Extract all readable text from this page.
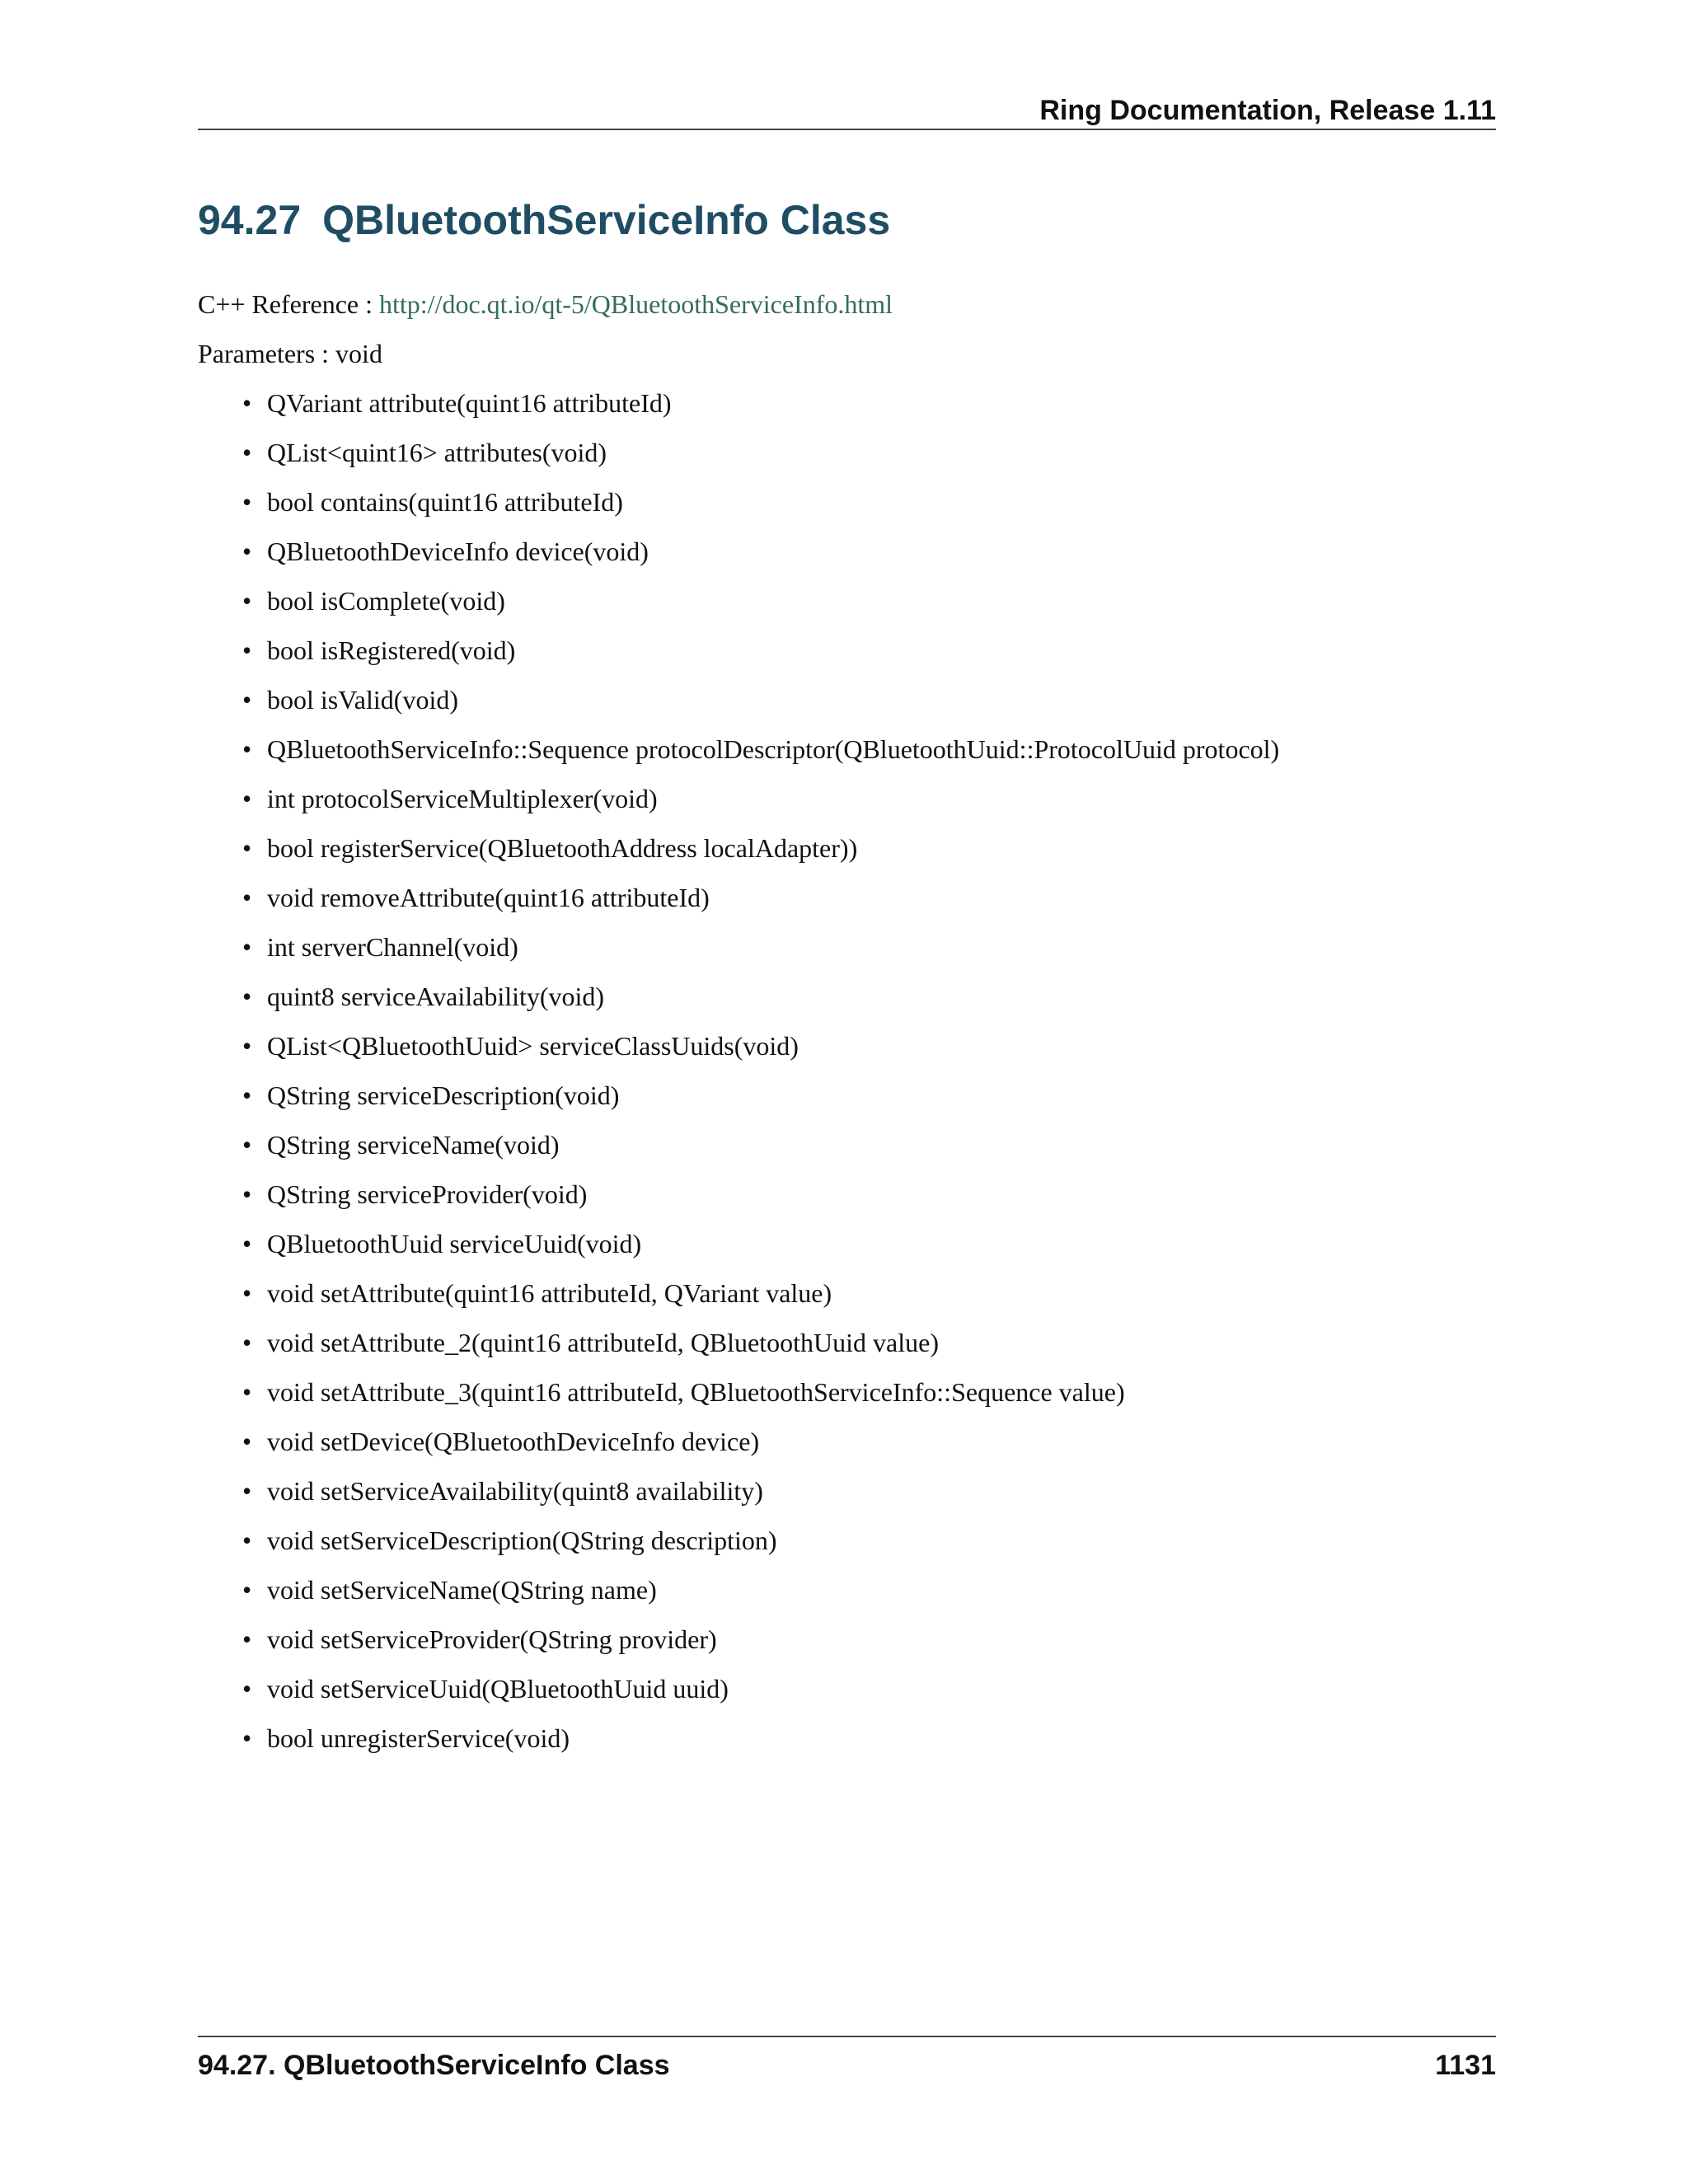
Ring Documentation, Release 1.11
94.27 QBluetoothServiceInfo Class
C++ Reference : http://doc.qt.io/qt-5/QBluetoothServiceInfo.html
Parameters : void
• QVariant attribute(quint16 attributeId)
• QList<quint16> attributes(void)
• bool contains(quint16 attributeId)
• QBluetoothDeviceInfo device(void)
• bool isComplete(void)
• bool isRegistered(void)
• bool isValid(void)
• QBluetoothServiceInfo::Sequence protocolDescriptor(QBluetoothUuid::ProtocolUuid protocol)
• int protocolServiceMultiplexer(void)
• bool registerService(QBluetoothAddress localAdapter))
• void removeAttribute(quint16 attributeId)
• int serverChannel(void)
• quint8 serviceAvailability(void)
• QList<QBluetoothUuid> serviceClassUuids(void)
• QString serviceDescription(void)
• QString serviceName(void)
• QString serviceProvider(void)
• QBluetoothUuid serviceUuid(void)
• void setAttribute(quint16 attributeId, QVariant value)
• void setAttribute_2(quint16 attributeId, QBluetoothUuid value)
• void setAttribute_3(quint16 attributeId, QBluetoothServiceInfo::Sequence value)
• void setDevice(QBluetoothDeviceInfo device)
• void setServiceAvailability(quint8 availability)
• void setServiceDescription(QString description)
• void setServiceName(QString name)
• void setServiceProvider(QString provider)
• void setServiceUuid(QBluetoothUuid uuid)
• bool unregisterService(void)
94.27. QBluetoothServiceInfo Class	1131
